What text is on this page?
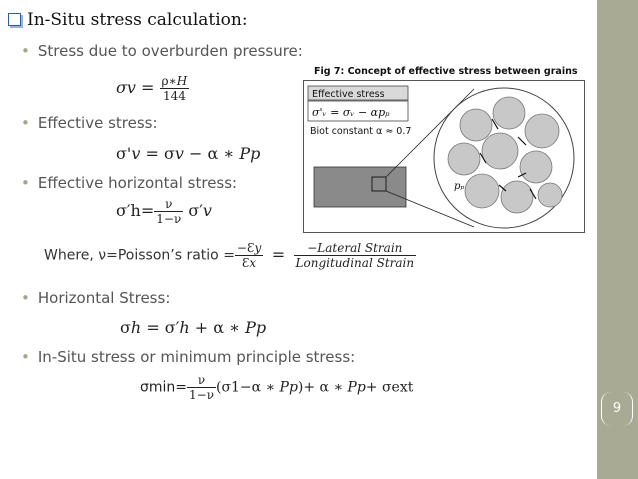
9
In-Situ stress calculation:
• Stress due to overburden pressure:
σ𝑣 = $\frac{\text{ρ∗𝐻}}{144}$
• Effective stress:
σ'𝑣 = σ𝑣 − α ∗ 𝑃𝑝
• Effective horizontal stress:
$\sigma'h= \frac{\nu}{1-\nu}$ σ′𝑣
Where, ν=Poisson’s ratio = $\frac{\text{−Ɛ𝑦}}{\text{Ɛ𝑥}} = \frac{\text{−𝐿𝑎𝑡𝑒𝑟𝑎𝑙 𝑆𝑡𝑟𝑎𝑖𝑛}}{\text{𝐿𝑜𝑛𝑔𝑖𝑡𝑢𝑑𝑖𝑛𝑎𝑙 𝑆𝑡𝑟𝑎𝑖𝑛}}$
• Horizontal Stress:
σℎ = σ′ℎ + α ∗ 𝑃𝑝
• In-Situ stress or minimum principle stress:
$\sigma\min= \frac{\nu}{1-\nu} (\sigma 1-\alpha$ ∗ 𝑃𝑝)+ α ∗ 𝑃𝑝+ σext
Fig 7: Concept of effective stress between grains
Effective stress
σ'ᵥ = σᵥ − αpₚ
Biot constant α ≈ 0.7
pₚ
